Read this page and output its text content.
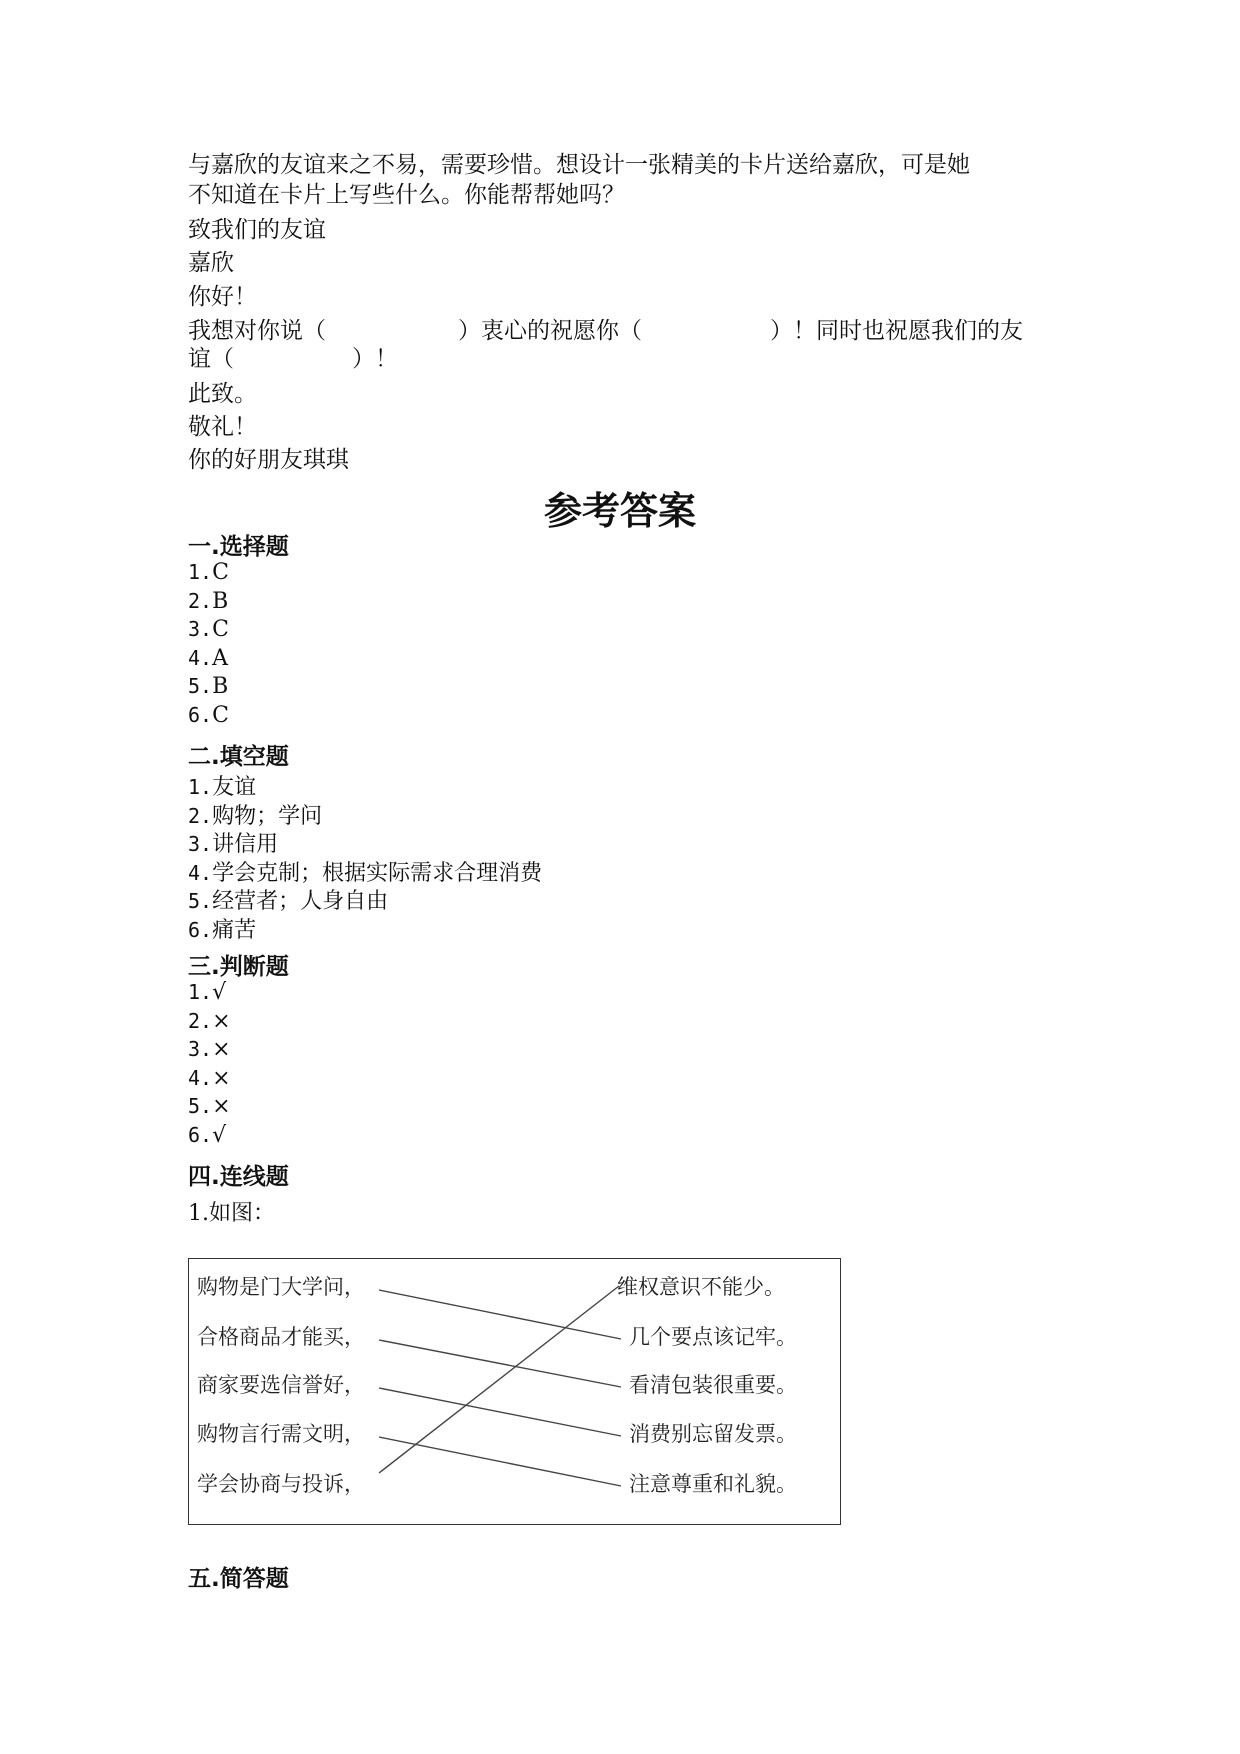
与嘉欣的友谊来之不易，需要珍惜。想设计一张精美的卡片送给嘉欣，可是她
不知道在卡片上写些什么。你能帮帮她吗？
致我们的友谊
嘉欣
你好！
我想对你说（	）衷心的祝愿你（	）！同时也祝愿我们的友
谊（	）！
此致。
敬礼！
你的好朋友琪琪
参考答案
一.选择题
1.C
2.B
3.C
4.A
5.B
6.C
二.填空题
1.友谊
2.购物；学问
3.讲信用
4.学会克制；根据实际需求合理消费
5.经营者；人身自由
6.痛苦
三.判断题
1.√
2.×
3.×
4.×
5.×
6.√
四.连线题
1.如图：
购物是门大学问，
合格商品才能买，
商家要选信誉好，
购物言行需文明，
学会协商与投诉，
维权意识不能少。
几个要点该记牢。
看清包装很重要。
消费别忘留发票。
注意尊重和礼貌。
五.简答题
